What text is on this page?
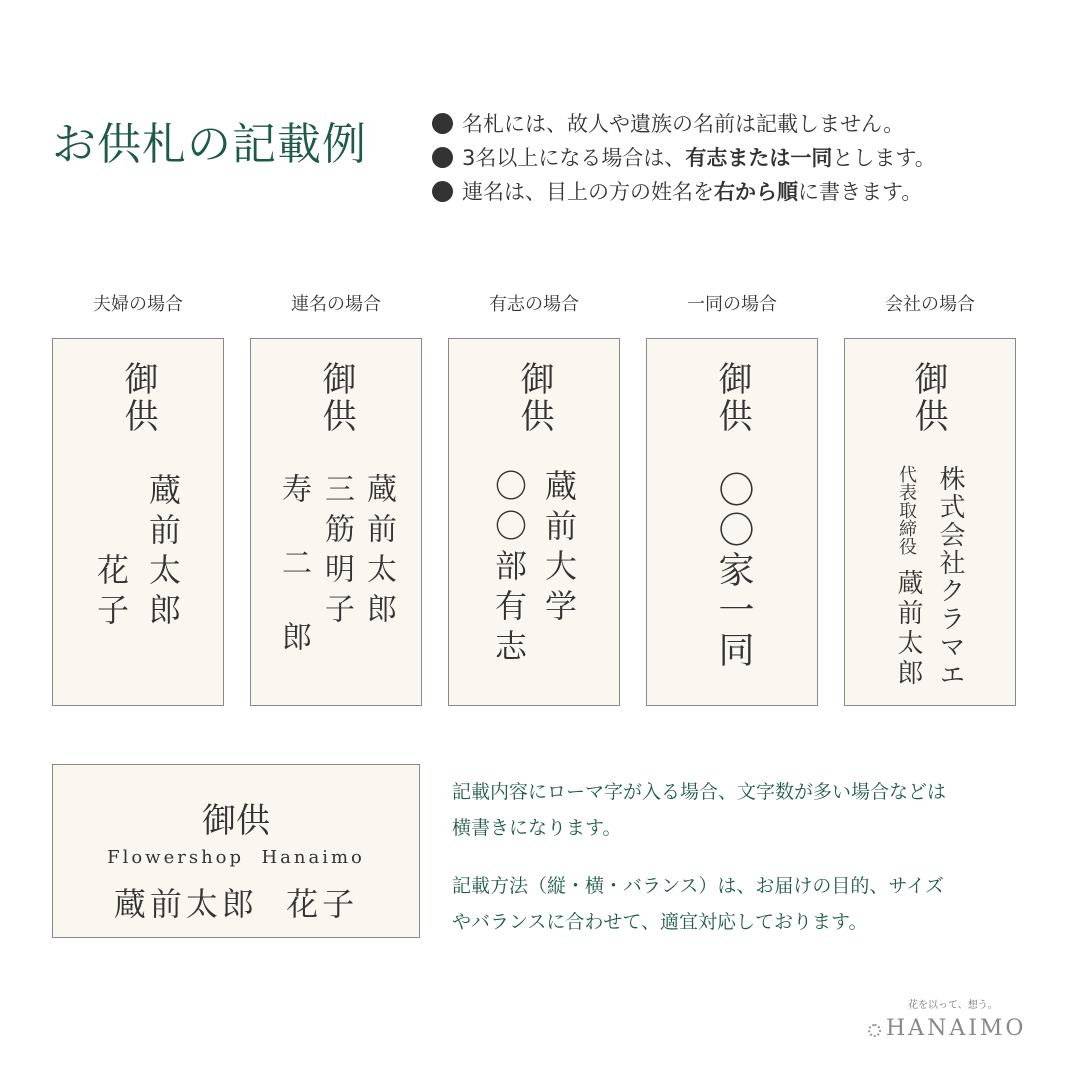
お供札の記載例	名札には、故人や遺族の名前は記載しません。
3名以上になる場合は、 有志または一同 とします。
連名は、目上の方の姓名を 右から順 に書きます。
夫婦の場合	連名の場合	有志の場合	一同の場合	会社の場合
御供
蔵前太郎
花子
御供
蔵前太郎
三筋明子
寿二郎
御供
蔵前大学
〇〇部有志
御供
〇〇家一同
御供
株式会社クラマエ
代表取締役
蔵前太郎
御供
Flowershop  Hanaimo
蔵前太郎  花子
記載内容にローマ字が入る場合、文字数が多い場合などは
横書きになります。
記載方法（縦・横・バランス）は、お届けの目的、サイズ
やバランスに合わせて、適宜対応しております。
花を以って、想う。
HANAIMO
